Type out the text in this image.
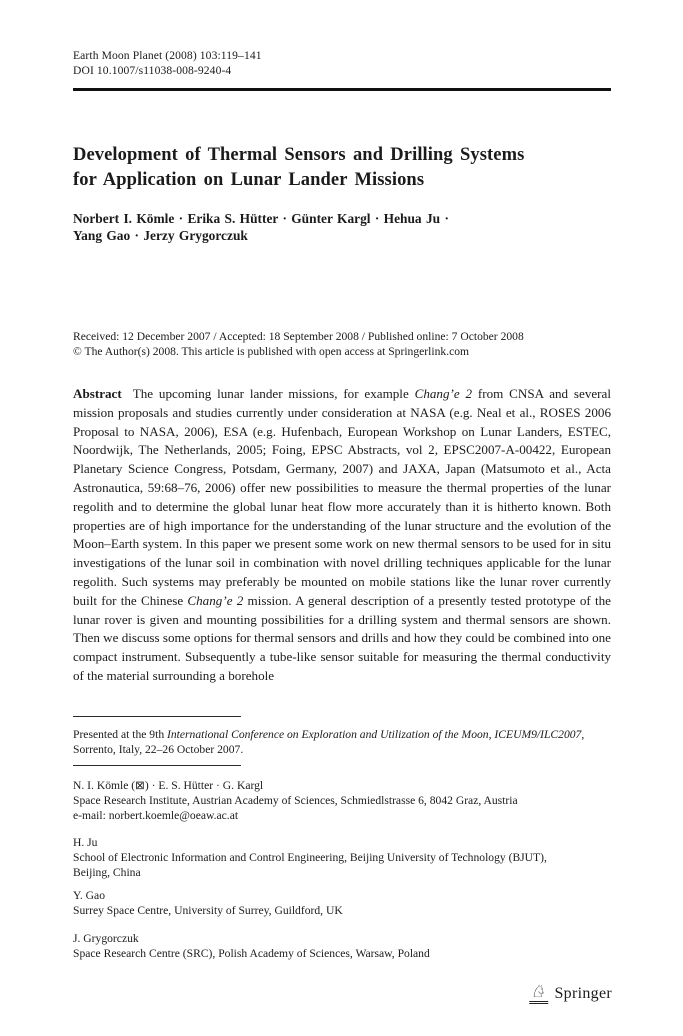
Earth Moon Planet (2008) 103:119–141
DOI 10.1007/s11038-008-9240-4
Development of Thermal Sensors and Drilling Systems
for Application on Lunar Lander Missions
Norbert I. Kömle · Erika S. Hütter · Günter Kargl · Hehua Ju ·
Yang Gao · Jerzy Grygorczuk
Received: 12 December 2007 / Accepted: 18 September 2008 / Published online: 7 October 2008
© The Author(s) 2008. This article is published with open access at Springerlink.com

Abstract The upcoming lunar lander missions, for example Chang’e 2 from CNSA and several mission proposals and studies currently under consideration at NASA (e.g. Neal et al., ROSES 2006 Proposal to NASA, 2006), ESA (e.g. Hufenbach, European Workshop on Lunar Landers, ESTEC, Noordwijk, The Netherlands, 2005; Foing, EPSC Abstracts, vol 2, EPSC2007-A-00422, European Planetary Science Congress, Potsdam, Germany, 2007) and JAXA, Japan (Matsumoto et al., Acta Astronautica, 59:68–76, 2006) offer new possibilities to measure the thermal properties of the lunar regolith and to determine the global lunar heat flow more accurately than it is hitherto known. Both properties are of high importance for the understanding of the lunar structure and the evolution of the Moon–Earth system. In this paper we present some work on new thermal sensors to be used for in situ investigations of the lunar soil in combination with novel drilling techniques applicable for the lunar regolith. Such systems may preferably be mounted on mobile stations like the lunar rover currently built for the Chinese Chang’e 2 mission. A general description of a presently tested prototype of the lunar rover is given and mounting possibilities for a drilling system and thermal sensors are shown. Then we discuss some options for thermal sensors and drills and how they could be combined into one compact instrument. Subsequently a tube-like sensor suitable for measuring the thermal conductivity of the material surrounding a borehole

Presented at the 9th International Conference on Exploration and Utilization of the Moon, ICEUM9/ILC2007, Sorrento, Italy, 22–26 October 2007.
N. I. Kömle (⊠) · E. S. Hütter · G. Kargl
Space Research Institute, Austrian Academy of Sciences, Schmiedlstrasse 6, 8042 Graz, Austria
e-mail: norbert.koemle@oeaw.ac.at
H. Ju
School of Electronic Information and Control Engineering, Beijing University of Technology (BJUT),
Beijing, China
Y. Gao
Surrey Space Centre, University of Surrey, Guildford, UK
J. Grygorczuk
Space Research Centre (SRC), Polish Academy of Sciences, Warsaw, Poland
♘ Springer
